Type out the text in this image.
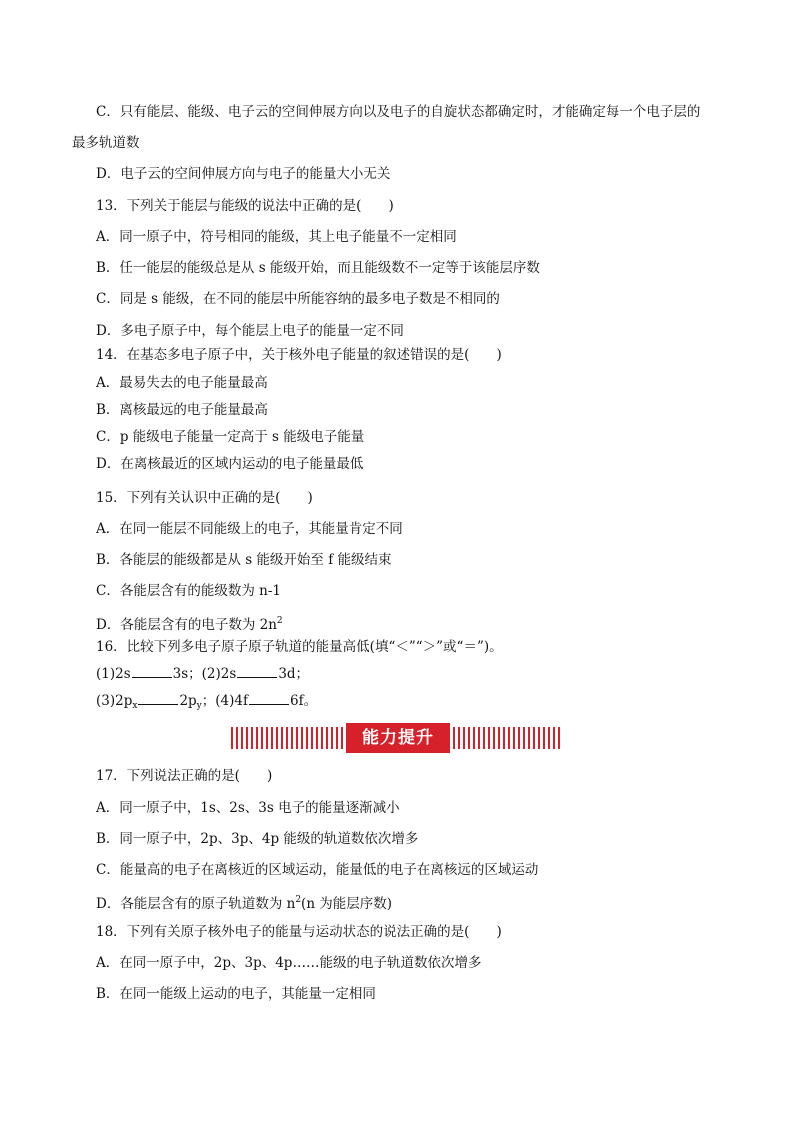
C．只有能层、能级、电子云的空间伸展方向以及电子的自旋状态都确定时，才能确定每一个电子层的
最多轨道数
D．电子云的空间伸展方向与电子的能量大小无关
13．下列关于能层与能级的说法中正确的是(　　)
A．同一原子中，符号相同的能级，其上电子能量不一定相同
B．任一能层的能级总是从 s 能级开始，而且能级数不一定等于该能层序数
C．同是 s 能级，在不同的能层中所能容纳的最多电子数是不相同的
D．多电子原子中，每个能层上电子的能量一定不同
14．在基态多电子原子中，关于核外电子能量的叙述错误的是(　　)
A．最易失去的电子能量最高
B．离核最远的电子能量最高
C．p 能级电子能量一定高于 s 能级电子能量
D．在离核最近的区域内运动的电子能量最低
15．下列有关认识中正确的是(　　)
A．在同一能层不同能级上的电子，其能量肯定不同
B．各能层的能级都是从 s 能级开始至 f 能级结束
C．各能层含有的能级数为 n-1
D．各能层含有的电子数为 $2n^2$
16．比较下列多电子原子原子轨道的能量高低(填“＜”“＞”或“＝”)。
(1)2s	3s；(2)2s	3d；
$(3)2p_x$	$2p_y$；(4)4f	6f。
能力提升
17．下列说法正确的是(　　)
A．同一原子中，1s、2s、3s 电子的能量逐渐减小
B．同一原子中，2p、3p、4p 能级的轨道数依次增多
C．能量高的电子在离核近的区域运动，能量低的电子在离核远的区域运动
D．各能层含有的原子轨道数为 $n^2(n$ 为能层序数)
18．下列有关原子核外电子的能量与运动状态的说法正确的是(　　)
A．在同一原子中，2p、3p、4p……能级的电子轨道数依次增多
B．在同一能级上运动的电子，其能量一定相同
